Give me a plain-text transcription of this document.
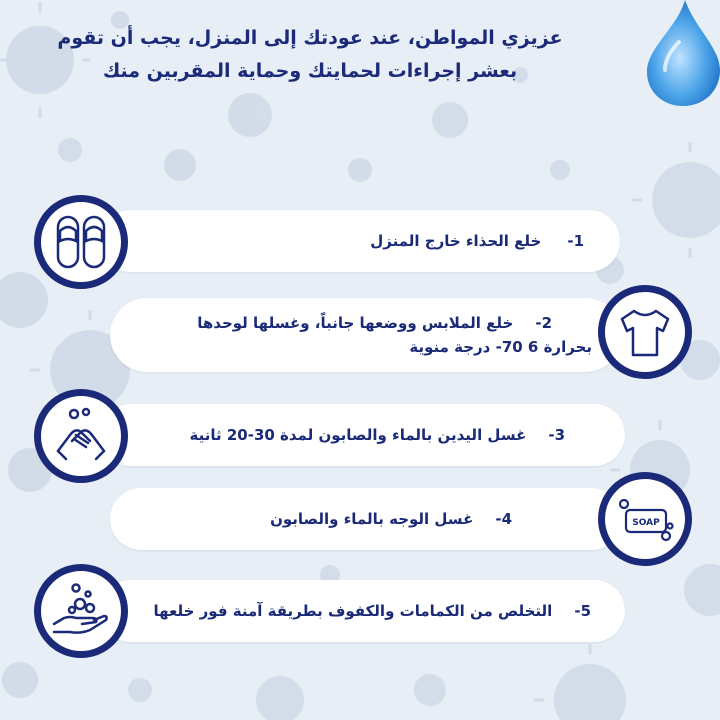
عزيزي المواطن، عند عودتك إلى المنزل، يجب أن تقوم
بعشر إجراءات لحمايتك وحماية المقربين منك
1-
خلع الحذاء خارج المنزل
2-
خلع الملابس ووضعها جانباً، وغسلها لوحدها
بحرارة 6 70- درجة منوية
3-
غسل اليدين بالماء والصابون لمدة 30-20 ثانية
4-
غسل الوجه بالماء والصابون	SOAP
5-
التخلص من الكمامات والكفوف بطريقة آمنة فور خلعها
